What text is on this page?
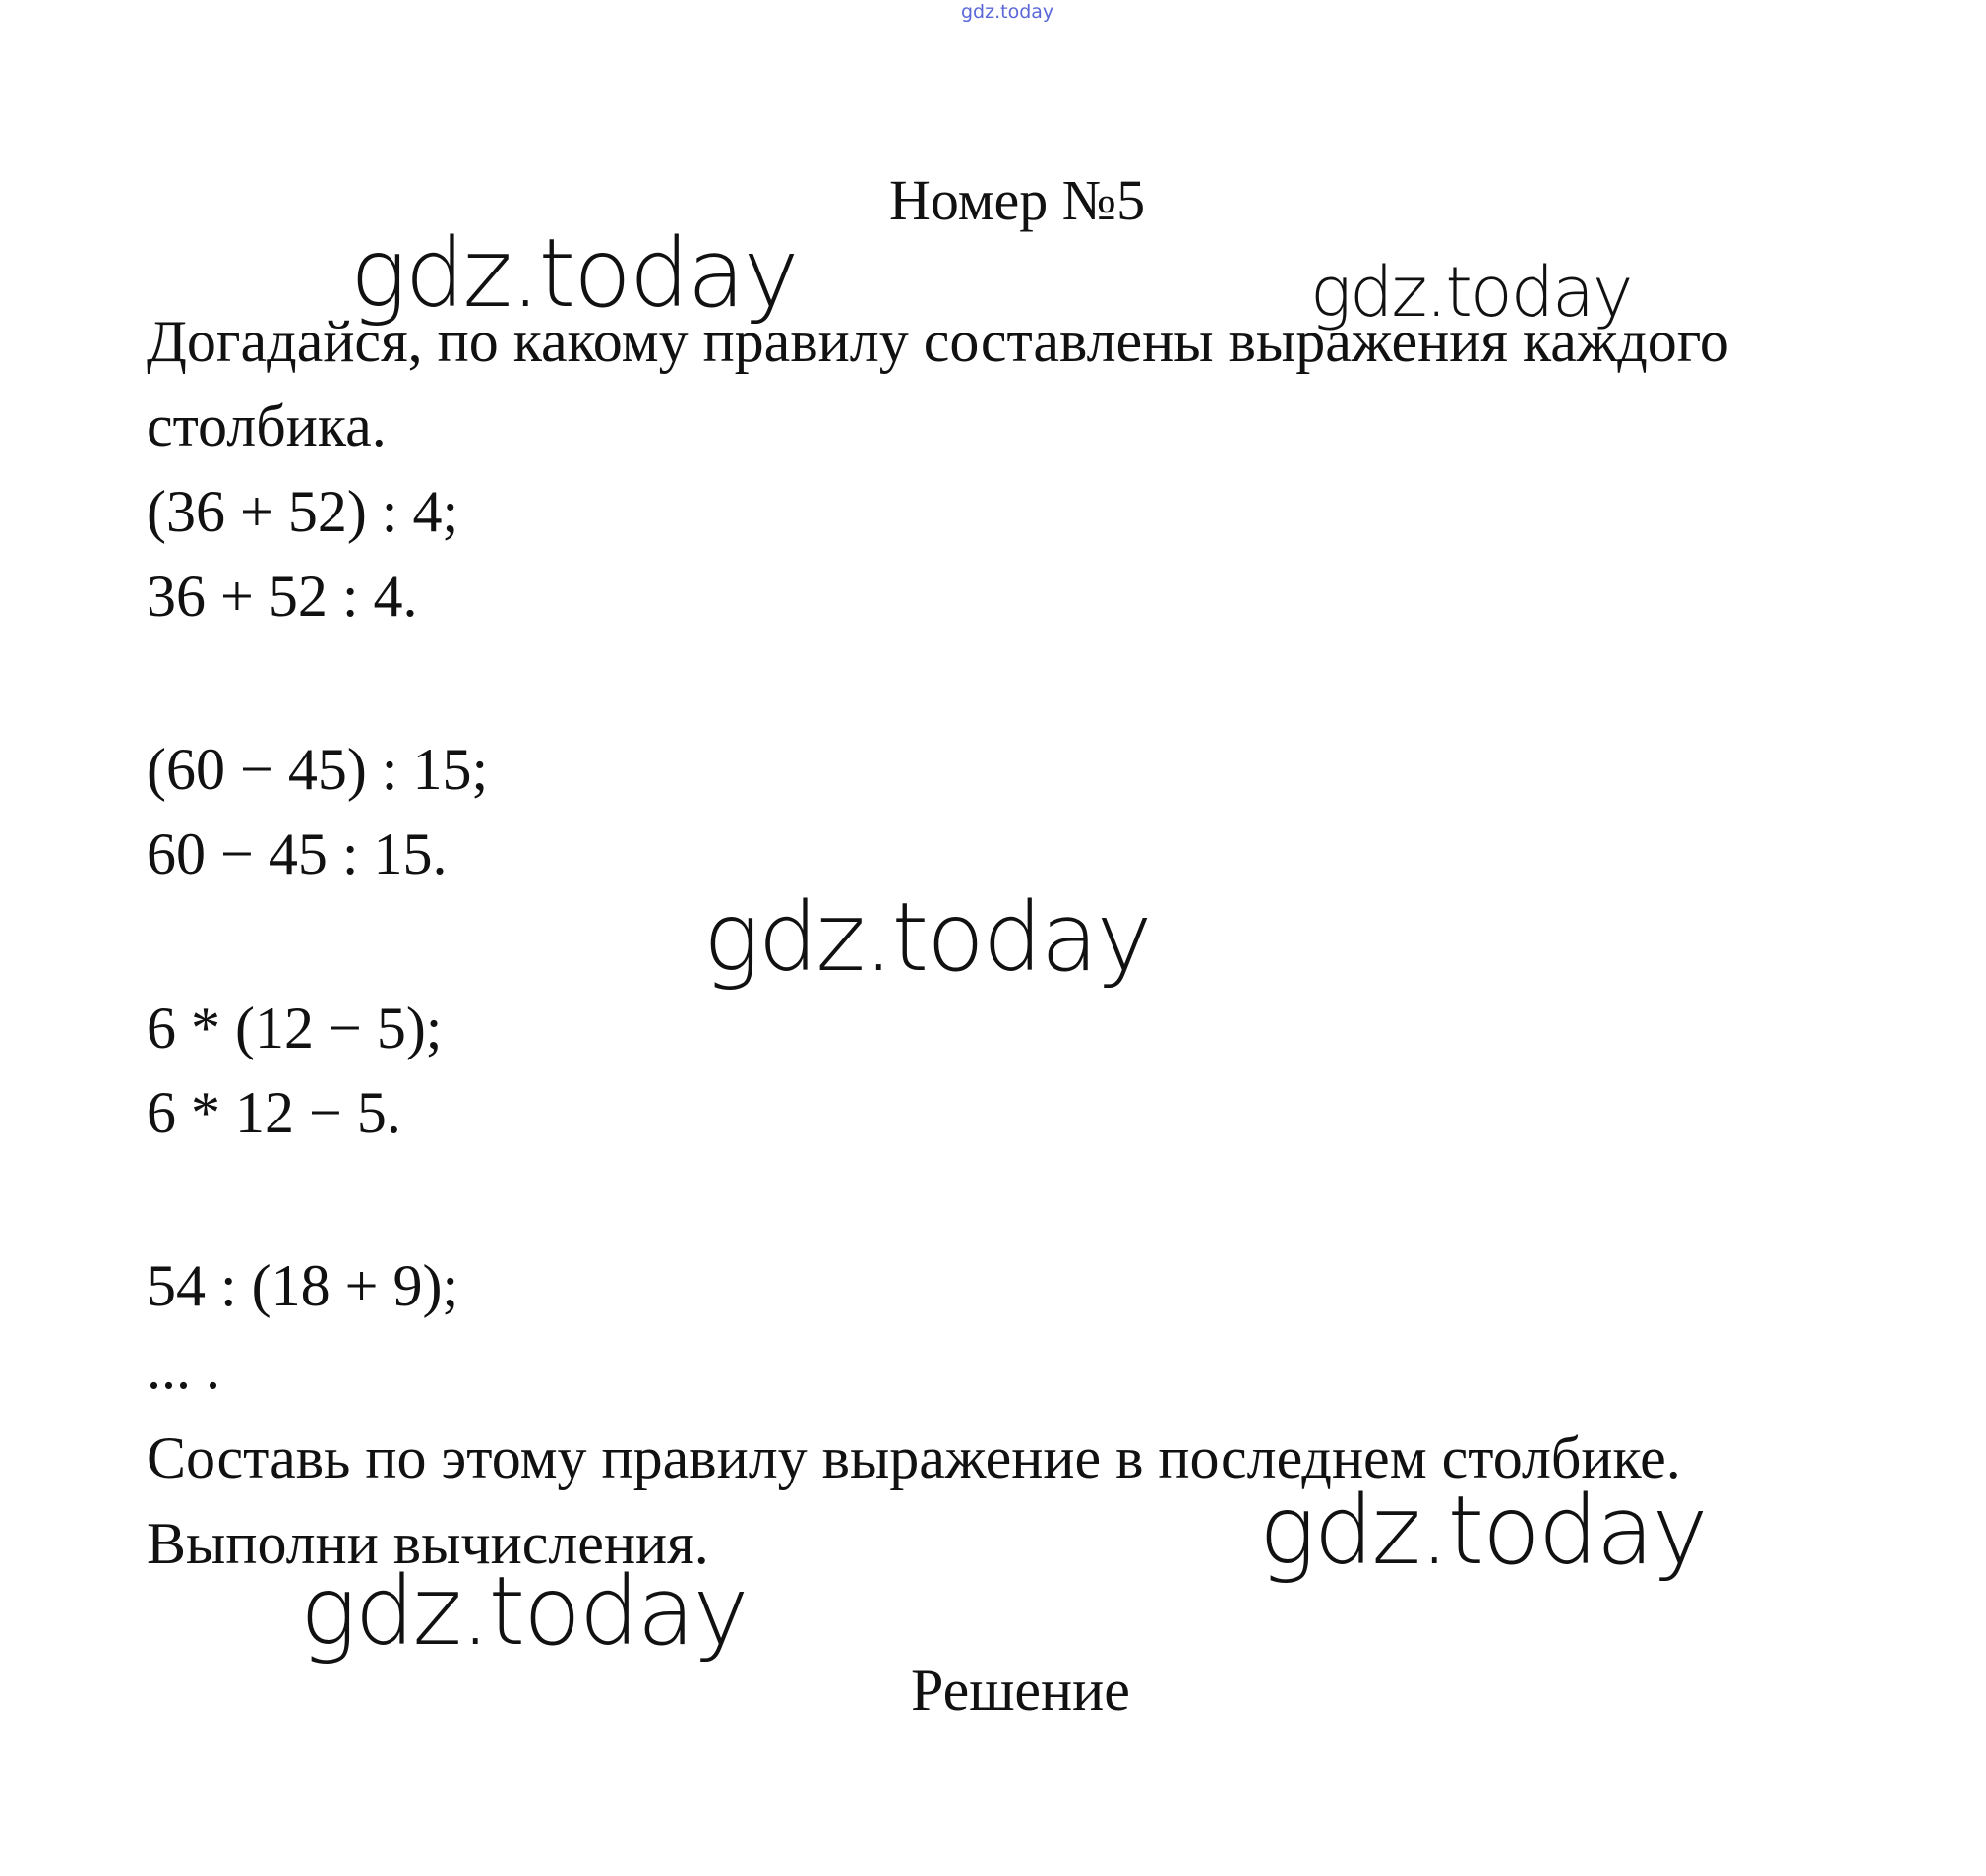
gdz.today
Номер №5
Догадайся, по какому правилу составлены выражения каждого
столбика.
(36 + 52) : 4;
36 + 52 : 4.
(60 − 45) : 15;
60 − 45 : 15.
6 * (12 − 5);
6 * 12 − 5.
54 : (18 + 9);
... .
Составь по этому правилу выражение в последнем столбике.
Выполни вычисления.
Решение
gdz.today	gdz.today
gdz.today
gdz.today
gdz.today
